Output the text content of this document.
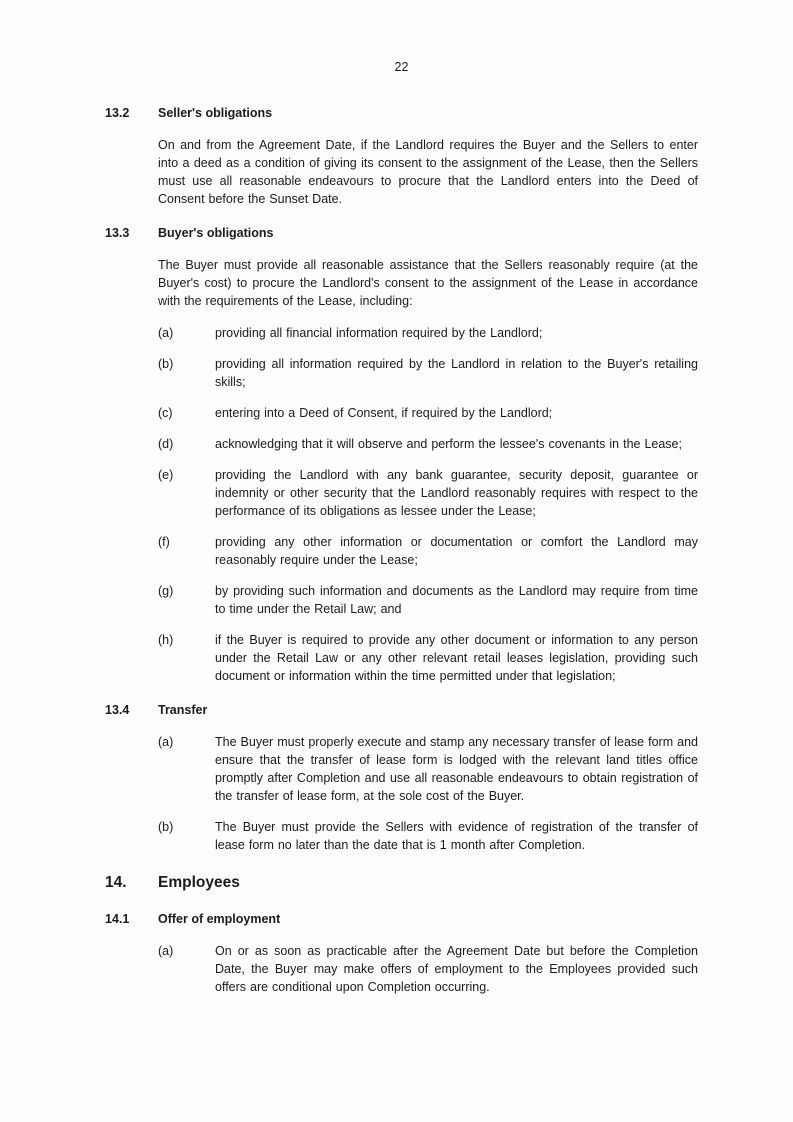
22
13.2	Seller's obligations

On and from the Agreement Date, if the Landlord requires the Buyer and the Sellers to enter into a deed as a condition of giving its consent to the assignment of the Lease, then the Sellers must use all reasonable endeavours to procure that the Landlord enters into the Deed of Consent before the Sunset Date.

13.3	Buyer's obligations

The Buyer must provide all reasonable assistance that the Sellers reasonably require (at the Buyer's cost) to procure the Landlord's consent to the assignment of the Lease in accordance with the requirements of the Lease, including:

(a)	providing all financial information required by the Landlord;
(b)	providing all information required by the Landlord in relation to the Buyer's retailing skills;
(c)	entering into a Deed of Consent, if required by the Landlord;
(d)	acknowledging that it will observe and perform the lessee's covenants in the Lease;
(e)	providing the Landlord with any bank guarantee, security deposit, guarantee or indemnity or other security that the Landlord reasonably requires with respect to the performance of its obligations as lessee under the Lease;
(f)	providing any other information or documentation or comfort the Landlord may reasonably require under the Lease;
(g)	by providing such information and documents as the Landlord may require from time to time under the Retail Law; and
(h)	if the Buyer is required to provide any other document or information to any person under the Retail Law or any other relevant retail leases legislation, providing such document or information within the time permitted under that legislation;
13.4	Transfer
(a)	The Buyer must properly execute and stamp any necessary transfer of lease form and ensure that the transfer of lease form is lodged with the relevant land titles office promptly after Completion and use all reasonable endeavours to obtain registration of the transfer of lease form, at the sole cost of the Buyer.
(b)	The Buyer must provide the Sellers with evidence of registration of the transfer of lease form no later than the date that is 1 month after Completion.
14.	Employees
14.1	Offer of employment
(a)	On or as soon as practicable after the Agreement Date but before the Completion Date, the Buyer may make offers of employment to the Employees provided such offers are conditional upon Completion occurring.
